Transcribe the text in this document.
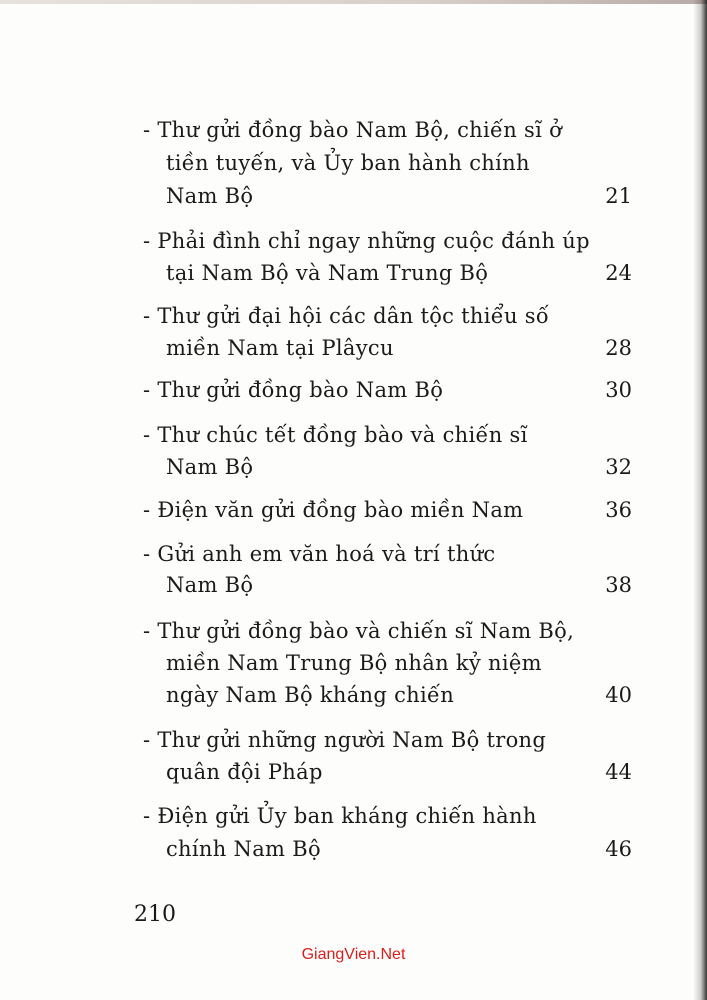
- Thư gửi đồng bào Nam Bộ, chiến sĩ ở
tiền tuyến, và Ủy ban hành chính
Nam Bộ	21
- Phải đình chỉ ngay những cuộc đánh úp
tại Nam Bộ và Nam Trung Bộ	24
- Thư gửi đại hội các dân tộc thiểu số
miền Nam tại Plâycu	28
- Thư gửi đồng bào Nam Bộ	30
- Thư chúc tết đồng bào và chiến sĩ
Nam Bộ	32
- Điện văn gửi đồng bào miền Nam	36
- Gửi anh em văn hoá và trí thức
Nam Bộ	38
- Thư gửi đồng bào và chiến sĩ Nam Bộ,
miền Nam Trung Bộ nhân kỷ niệm
ngày Nam Bộ kháng chiến	40
- Thư gửi những người Nam Bộ trong
quân đội Pháp	44
- Điện gửi Ủy ban kháng chiến hành
chính Nam Bộ	46
210
GiangVien.Net
